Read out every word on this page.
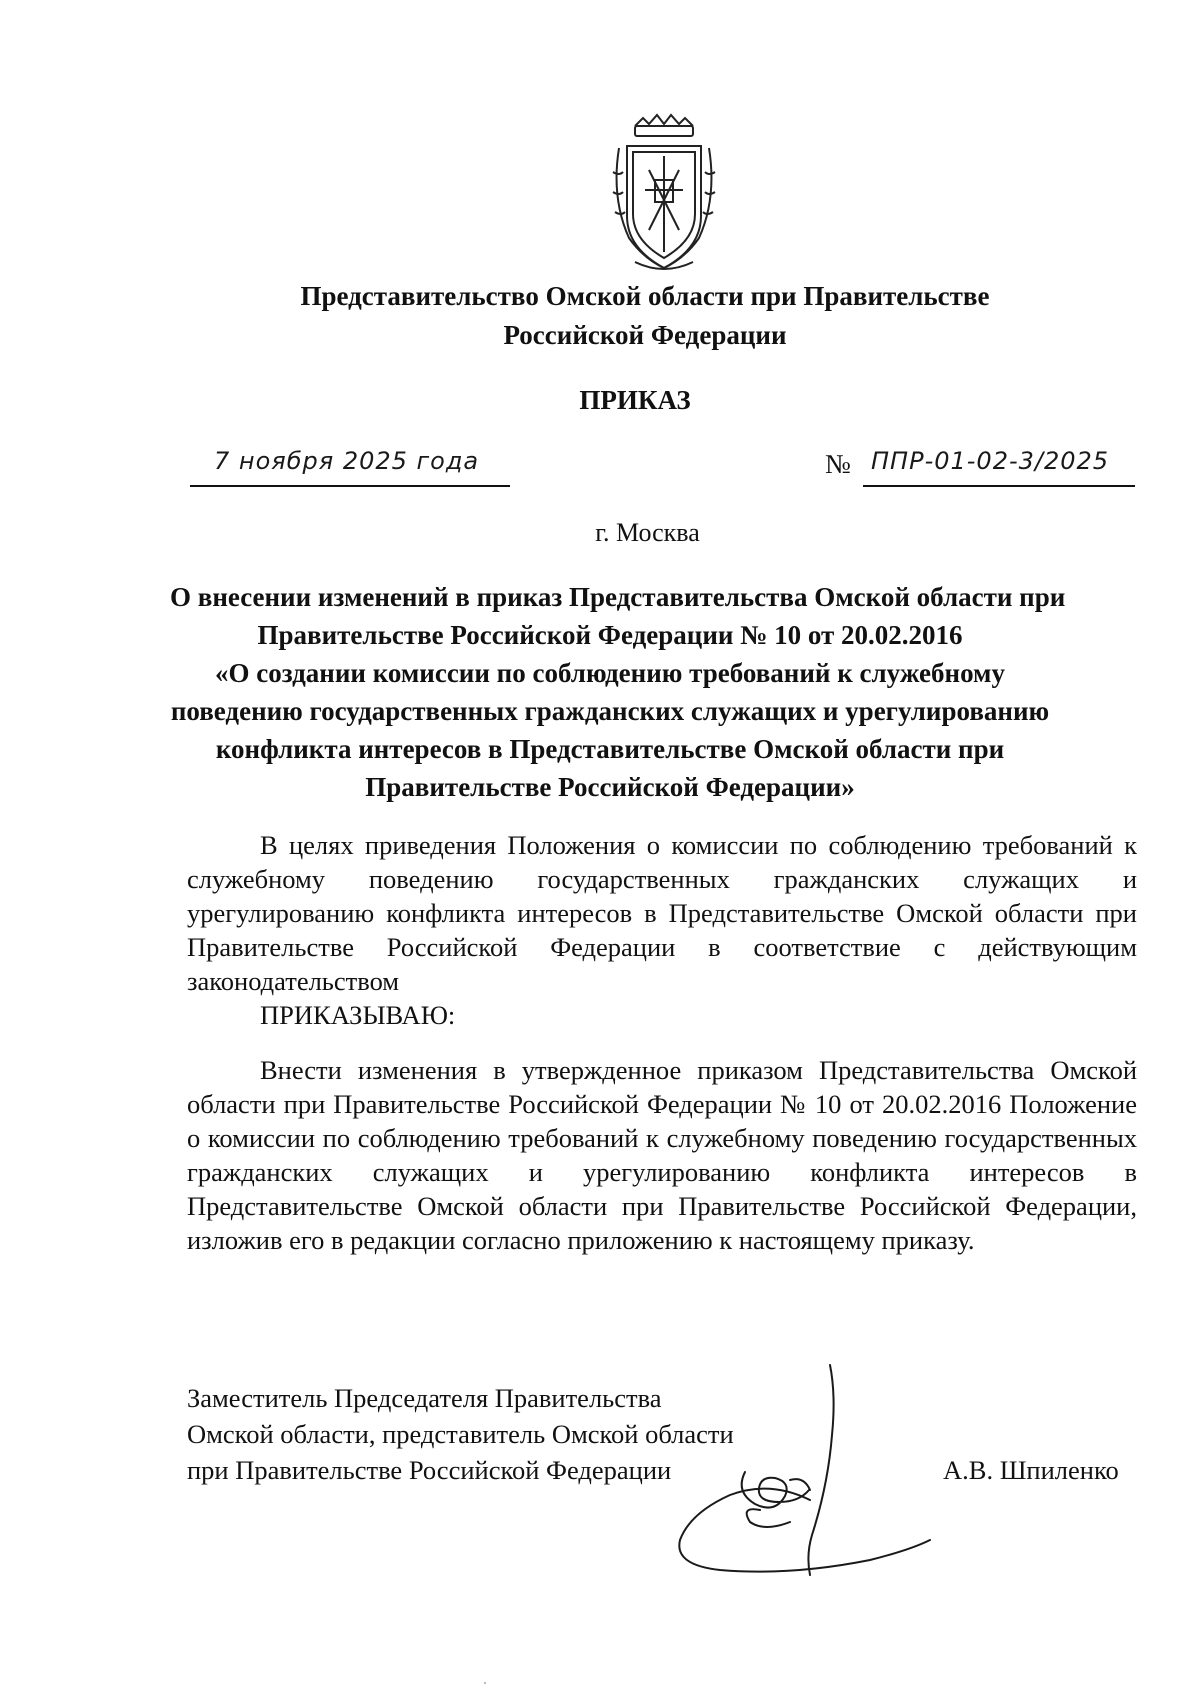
Представительство Омской области при Правительстве
Российской Федерации
ПРИКАЗ
7 ноября 2025 года	№ ППР-01-02-3/2025
г. Москва
О внесении изменений в приказ Представительства Омской области при
Правительстве Российской Федерации № 10 от 20.02.2016
«О создании комиссии по соблюдению требований к служебному
поведению государственных гражданских служащих и урегулированию
конфликта интересов в Представительстве Омской области при
Правительстве Российской Федерации»

В целях приведения Положения о комиссии по соблюдению требований к служебному поведению государственных гражданских служащих и урегулированию конфликта интересов в Представительстве Омской области при Правительстве Российской Федерации в соответствие с действующим законодательством

ПРИКАЗЫВАЮ:

Внести изменения в утвержденное приказом Представительства Омской области при Правительстве Российской Федерации № 10 от 20.02.2016 Положение о комиссии по соблюдению требований к служебному поведению государственных гражданских служащих и урегулированию конфликта интересов в Представительстве Омской области при Правительстве Российской Федерации, изложив его в редакции согласно приложению к настоящему приказу.

Заместитель Председателя Правительства
Омской области, представитель Омской области
при Правительстве Российской Федерации	А.В. Шпиленко
